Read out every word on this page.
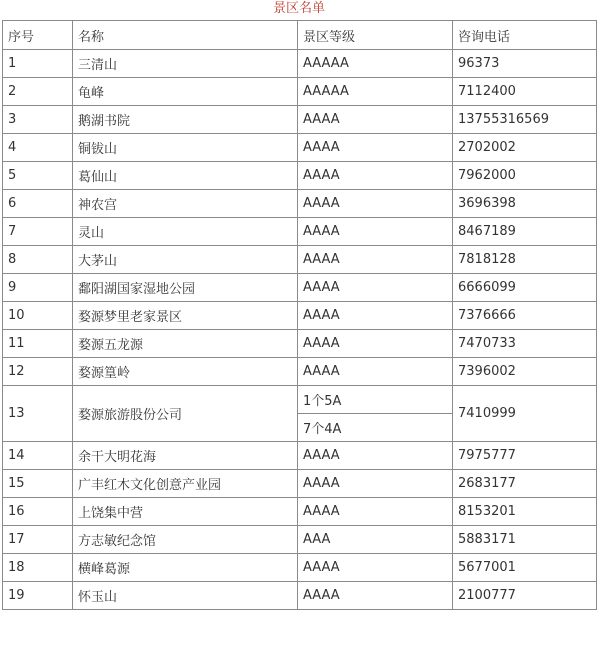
景区名单
序号	名称	景区等级	咨询电话
1	三清山	AAAAA	96373
2	龟峰	AAAAA	7112400
3	鹅湖书院	AAAA	13755316569
4	铜钹山	AAAA	2702002
5	葛仙山	AAAA	7962000
6	神农宫	AAAA	3696398
7	灵山	AAAA	8467189
8	大茅山	AAAA	7818128
9	鄱阳湖国家湿地公园	AAAA	6666099
10	婺源梦里老家景区	AAAA	7376666
11	婺源五龙源	AAAA	7470733
12	婺源篁岭	AAAA	7396002
13	婺源旅游股份公司	1个5A	7410999
		7个4A	
14	余干大明花海	AAAA	7975777
15	广丰红木文化创意产业园	AAAA	2683177
16	上饶集中营	AAAA	8153201
17	方志敏纪念馆	AAA	5883171
18	横峰葛源	AAAA	5677001
19	怀玉山	AAAA	2100777
